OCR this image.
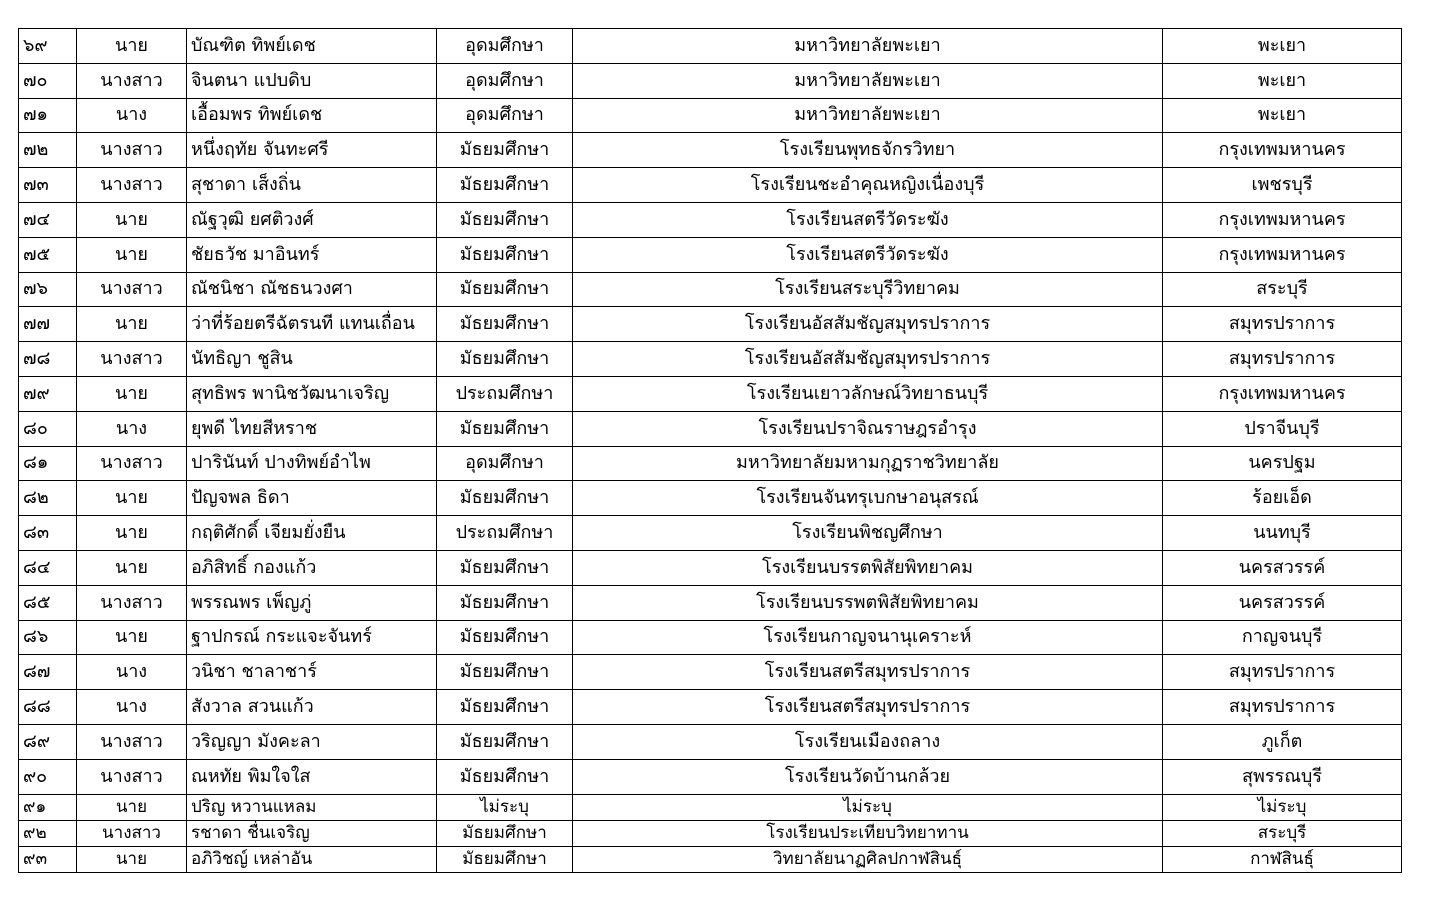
๖๙	นาย	บัณฑิต ทิพย์เดช	อุดมศึกษา	มหาวิทยาลัยพะเยา	พะเยา
๗๐	นางสาว	จินตนา แปบดิบ	อุดมศึกษา	มหาวิทยาลัยพะเยา	พะเยา
๗๑	นาง	เอื้อมพร ทิพย์เดช	อุดมศึกษา	มหาวิทยาลัยพะเยา	พะเยา
๗๒	นางสาว	หนึ่งฤทัย จันทะศรี	มัธยมศึกษา	โรงเรียนพุทธจักรวิทยา	กรุงเทพมหานคร
๗๓	นางสาว	สุชาดา เส็งถิ่น	มัธยมศึกษา	โรงเรียนชะอำคุณหญิงเนื่องบุรี	เพชรบุรี
๗๔	นาย	ณัฐวุฒิ ยศติวงศ์	มัธยมศึกษา	โรงเรียนสตรีวัดระฆัง	กรุงเทพมหานคร
๗๕	นาย	ชัยธวัช มาอินทร์	มัธยมศึกษา	โรงเรียนสตรีวัดระฆัง	กรุงเทพมหานคร
๗๖	นางสาว	ณัชนิชา ณัชธนวงศา	มัธยมศึกษา	โรงเรียนสระบุรีวิทยาคม	สระบุรี
๗๗	นาย	ว่าที่ร้อยตรีฉัตรนที แทนเถื่อน	มัธยมศึกษา	โรงเรียนอัสสัมชัญสมุทรปราการ	สมุทรปราการ
๗๘	นางสาว	นัทธิญา ชูสิน	มัธยมศึกษา	โรงเรียนอัสสัมชัญสมุทรปราการ	สมุทรปราการ
๗๙	นาย	สุทธิพร พานิชวัฒนาเจริญ	ประถมศึกษา	โรงเรียนเยาวลักษณ์วิทยาธนบุรี	กรุงเทพมหานคร
๘๐	นาง	ยุพดี ไทยสีหราช	มัธยมศึกษา	โรงเรียนปราจิณราษฎรอำรุง	ปราจีนบุรี
๘๑	นางสาว	ปารินันท์ ปางทิพย์อำไพ	อุดมศึกษา	มหาวิทยาลัยมหามกุฏราชวิทยาลัย	นครปฐม
๘๒	นาย	ปัญจพล ธิดา	มัธยมศึกษา	โรงเรียนจันทรุเบกษาอนุสรณ์	ร้อยเอ็ด
๘๓	นาย	กฤติศักดิ์ เจียมยั่งยืน	ประถมศึกษา	โรงเรียนพิชญศึกษา	นนทบุรี
๘๔	นาย	อภิสิทธิ์ กองแก้ว	มัธยมศึกษา	โรงเรียนบรรตพิสัยพิทยาคม	นครสวรรค์
๘๕	นางสาว	พรรณพร เพ็ญภู่	มัธยมศึกษา	โรงเรียนบรรพตพิสัยพิทยาคม	นครสวรรค์
๘๖	นาย	ฐาปกรณ์ กระแจะจันทร์	มัธยมศึกษา	โรงเรียนกาญจนานุเคราะห์	กาญจนบุรี
๘๗	นาง	วนิชา ชาลาชาร์	มัธยมศึกษา	โรงเรียนสตรีสมุทรปราการ	สมุทรปราการ
๘๘	นาง	สังวาล สวนแก้ว	มัธยมศึกษา	โรงเรียนสตรีสมุทรปราการ	สมุทรปราการ
๘๙	นางสาว	วริญญา มังคะลา	มัธยมศึกษา	โรงเรียนเมืองถลาง	ภูเก็ต
๙๐	นางสาว	ณหทัย พิมใจใส	มัธยมศึกษา	โรงเรียนวัดบ้านกล้วย	สุพรรณบุรี
๙๑	นาย	ปริญ หวานแหลม	ไม่ระบุ	ไม่ระบุ	ไม่ระบุ
๙๒	นางสาว	รชาดา ชื่นเจริญ	มัธยมศึกษา	โรงเรียนประเทียบวิทยาทาน	สระบุรี
๙๓	นาย	อภิวิชญ์ เหล่าอัน	มัธยมศึกษา	วิทยาลัยนาฏศิลปกาฬสินธุ์	กาฬสินธุ์
